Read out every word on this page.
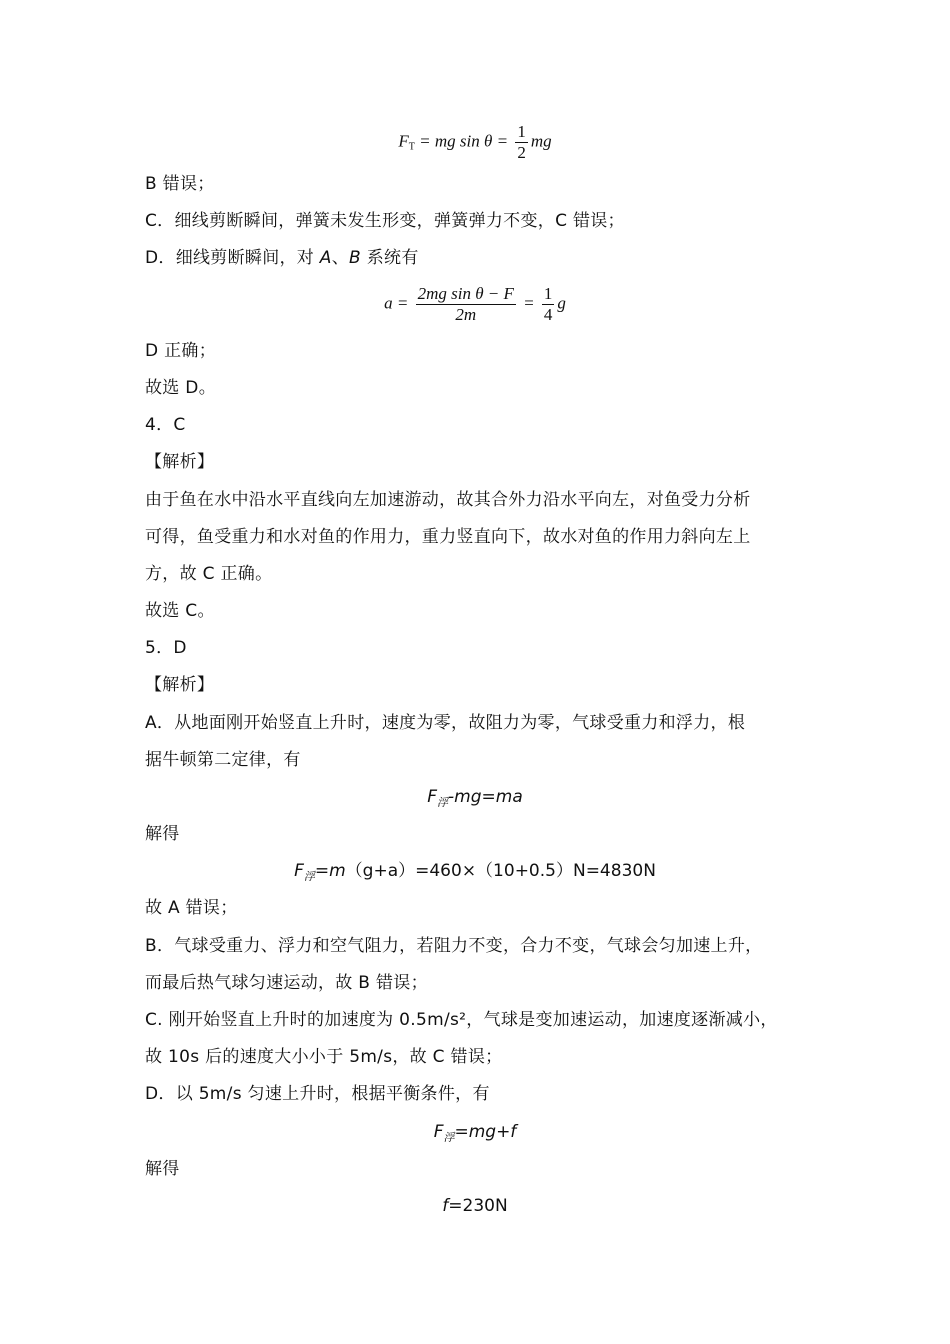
$F_T$ = mg $\sin \theta = \frac{1}{2}$ mg
B 错误；
C．细线剪断瞬间，弹簧未发生形变，弹簧弹力不变，C 错误；
D．细线剪断瞬间，对 A、B 系统有
$a = \frac{\text{2mg sin θ − F}}{2m} = \frac{1}{4}$ g
D 正确；
故选 D。
4．C
【解析】
由于鱼在水中沿水平直线向左加速游动，故其合外力沿水平向左，对鱼受力分析
可得，鱼受重力和水对鱼的作用力，重力竖直向下，故水对鱼的作用力斜向左上
方，故 C 正确。
故选 C。
5．D
【解析】
A．从地面刚开始竖直上升时，速度为零，故阻力为零，气球受重力和浮力，根
据牛顿第二定律，有
$F_浮-mg=ma$
解得
$F_浮=m(g+a)=460\times(10+0.5)N=4830N$
故 A 错误；
B．气球受重力、浮力和空气阻力，若阻力不变，合力不变，气球会匀加速上升，
而最后热气球匀速运动，故 B 错误；
C. 刚开始竖直上升时的加速度为 0.5m/s²，气球是变加速运动，加速度逐渐减小，
故 10s 后的速度大小小于 5m/s，故 C 错误；
D．以 5m/s 匀速上升时，根据平衡条件，有
$F_浮=mg+f$
解得
f=230N
